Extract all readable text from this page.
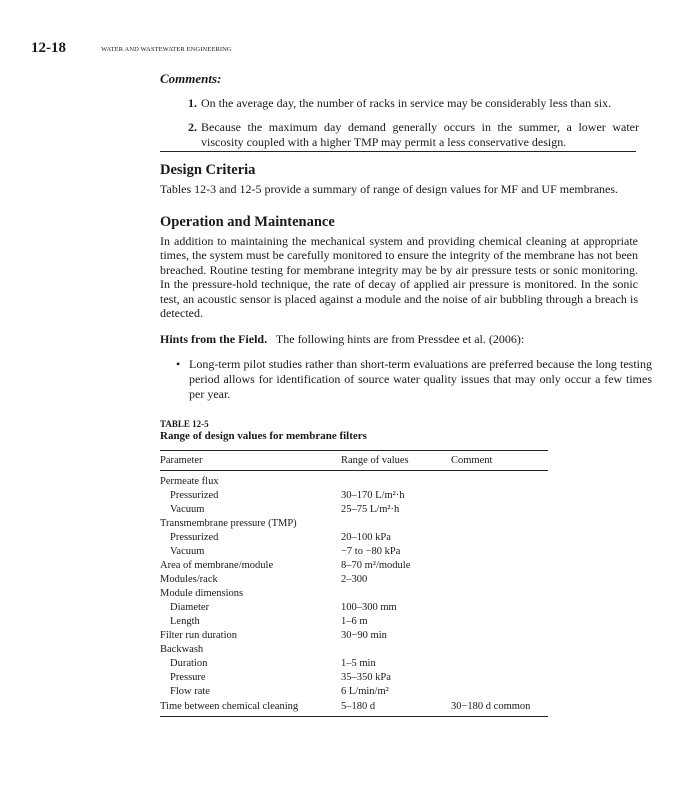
12-18	WATER AND WASTEWATER ENGINEERING
Comments:
1. On the average day, the number of racks in service may be considerably less than six.
2. Because the maximum day demand generally occurs in the summer, a lower water viscosity coupled with a higher TMP may permit a less conservative design.
Design Criteria
Tables 12-3 and 12-5 provide a summary of range of design values for MF and UF membranes.
Operation and Maintenance
In addition to maintaining the mechanical system and providing chemical cleaning at appropriate times, the system must be carefully monitored to ensure the integrity of the membrane has not been breached. Routine testing for membrane integrity may be by air pressure tests or sonic monitoring. In the pressure-hold technique, the rate of decay of applied air pressure is monitored. In the sonic test, an acoustic sensor is placed against a module and the noise of air bubbling through a breach is detected.
Hints from the Field. The following hints are from Pressdee et al. (2006):
• Long-term pilot studies rather than short-term evaluations are preferred because the long testing period allows for identification of source water quality issues that may only occur a few times per year.
TABLE 12-5
Range of design values for membrane filters
Parameter	Range of values	Comment
Permeate flux
Pressurized	30–170 L/m²·h
Vacuum	25–75 L/m²·h
Transmembrane pressure (TMP)
Pressurized	20–100 kPa
Vacuum	−7 to −80 kPa
Area of membrane/module	8–70 m²/module
Modules/rack	2–300
Module dimensions
Diameter	100–300 mm
Length	1–6 m
Filter run duration	30−90 min
Backwash
Duration	1–5 min
Pressure	35–350 kPa
Flow rate	6 L/min/m²
Time between chemical cleaning	5–180 d	30−180 d common
